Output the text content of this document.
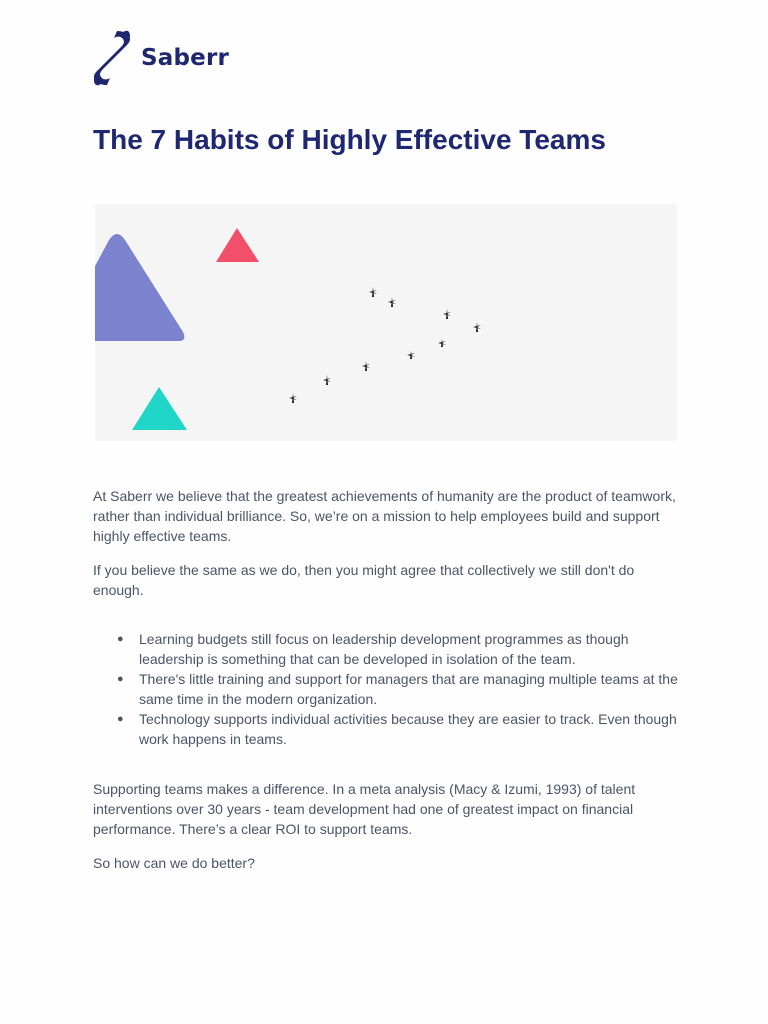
Saberr
The 7 Habits of Highly Effective Teams

At Saberr we believe that the greatest achievements of humanity are the product of teamwork, rather than individual brilliance. So, we’re on a mission to help employees build and support highly effective teams.

If you believe the same as we do, then you might agree that collectively we still don't do enough.

● Learning budgets still focus on leadership development programmes as though leadership is something that can be developed in isolation of the team.
● There's little training and support for managers that are managing multiple teams at the same time in the modern organization.
● Technology supports individual activities because they are easier to track. Even though work happens in teams.

Supporting teams makes a difference. In a meta analysis (Macy & Izumi, 1993) of talent interventions over 30 years - team development had one of greatest impact on financial performance. There’s a clear ROI to support teams.

So how can we do better?
